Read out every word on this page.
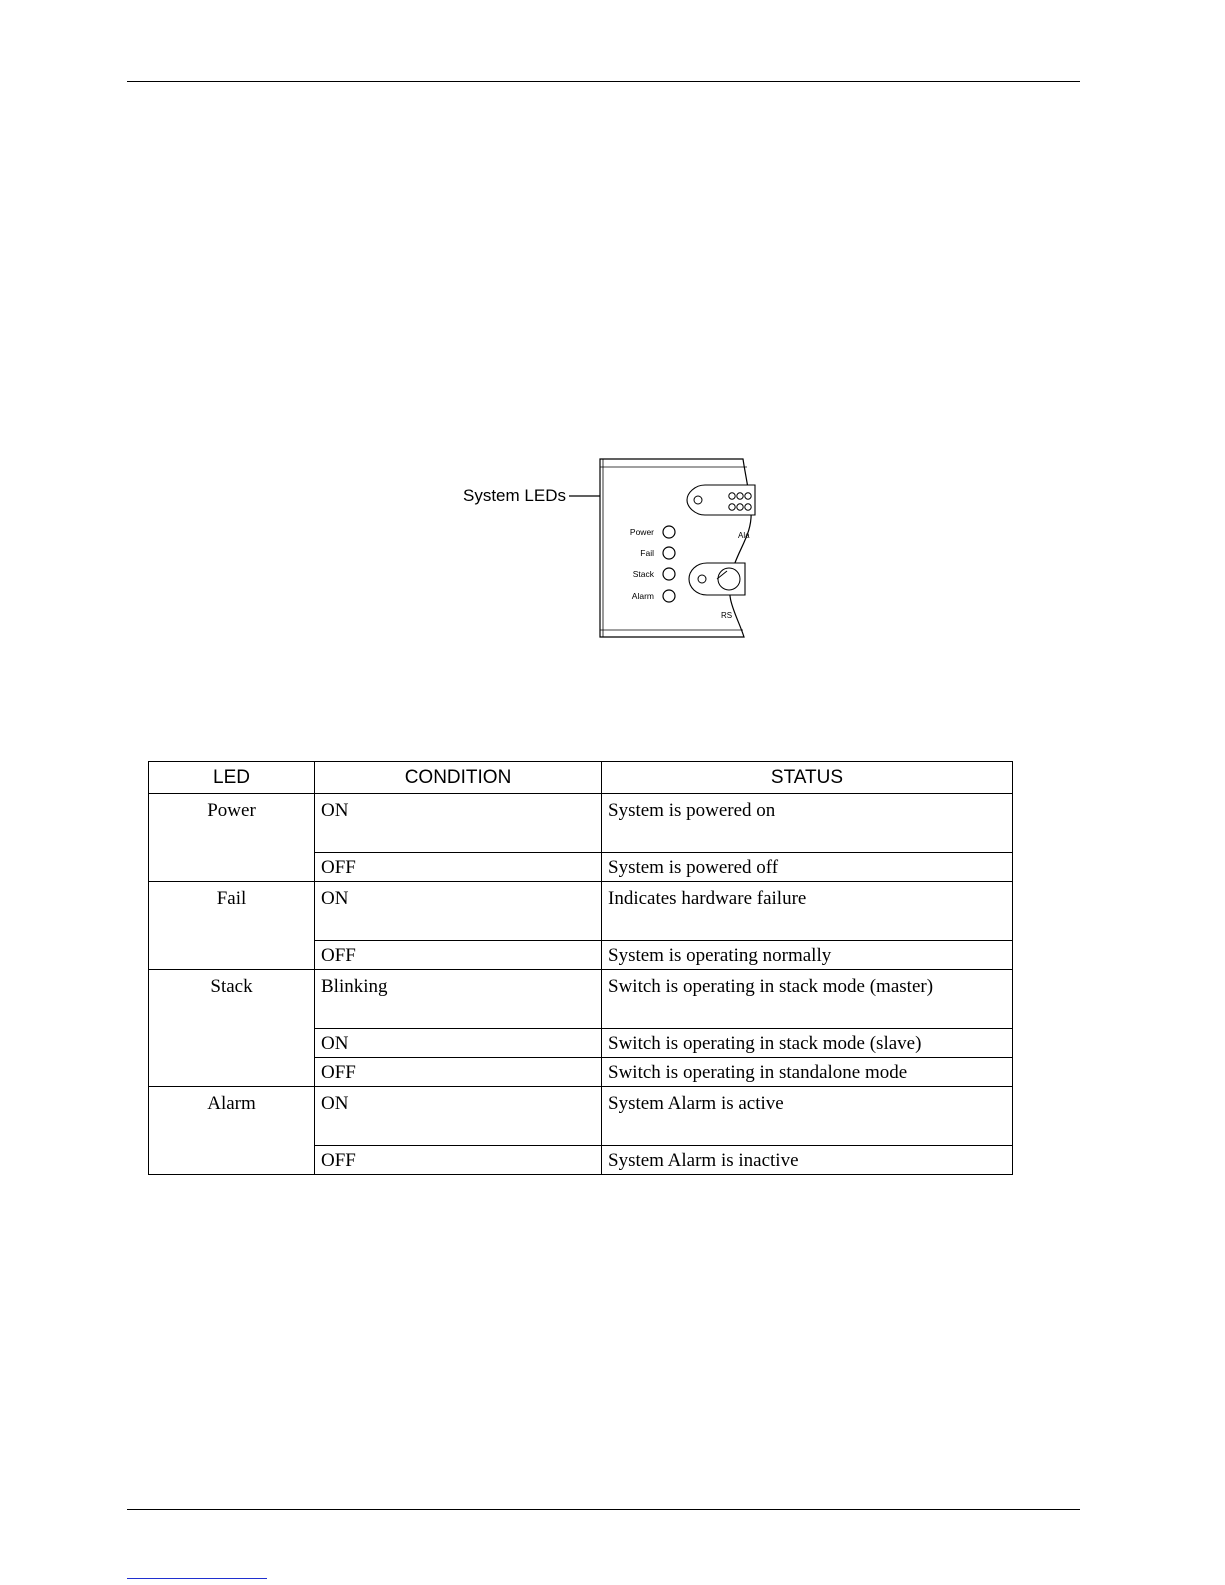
System LEDs
Power
Fail
Stack
Alarm
Ala
RS
LED	CONDITION	STATUS
Power	ON	System is powered on
	OFF	System is powered off
Fail	ON	Indicates hardware failure
	OFF	System is operating normally
Stack	Blinking	Switch is operating in stack mode (master)
	ON	Switch is operating in stack mode (slave)
	OFF	Switch is operating in standalone mode
Alarm	ON	System Alarm is active
	OFF	System Alarm is inactive
